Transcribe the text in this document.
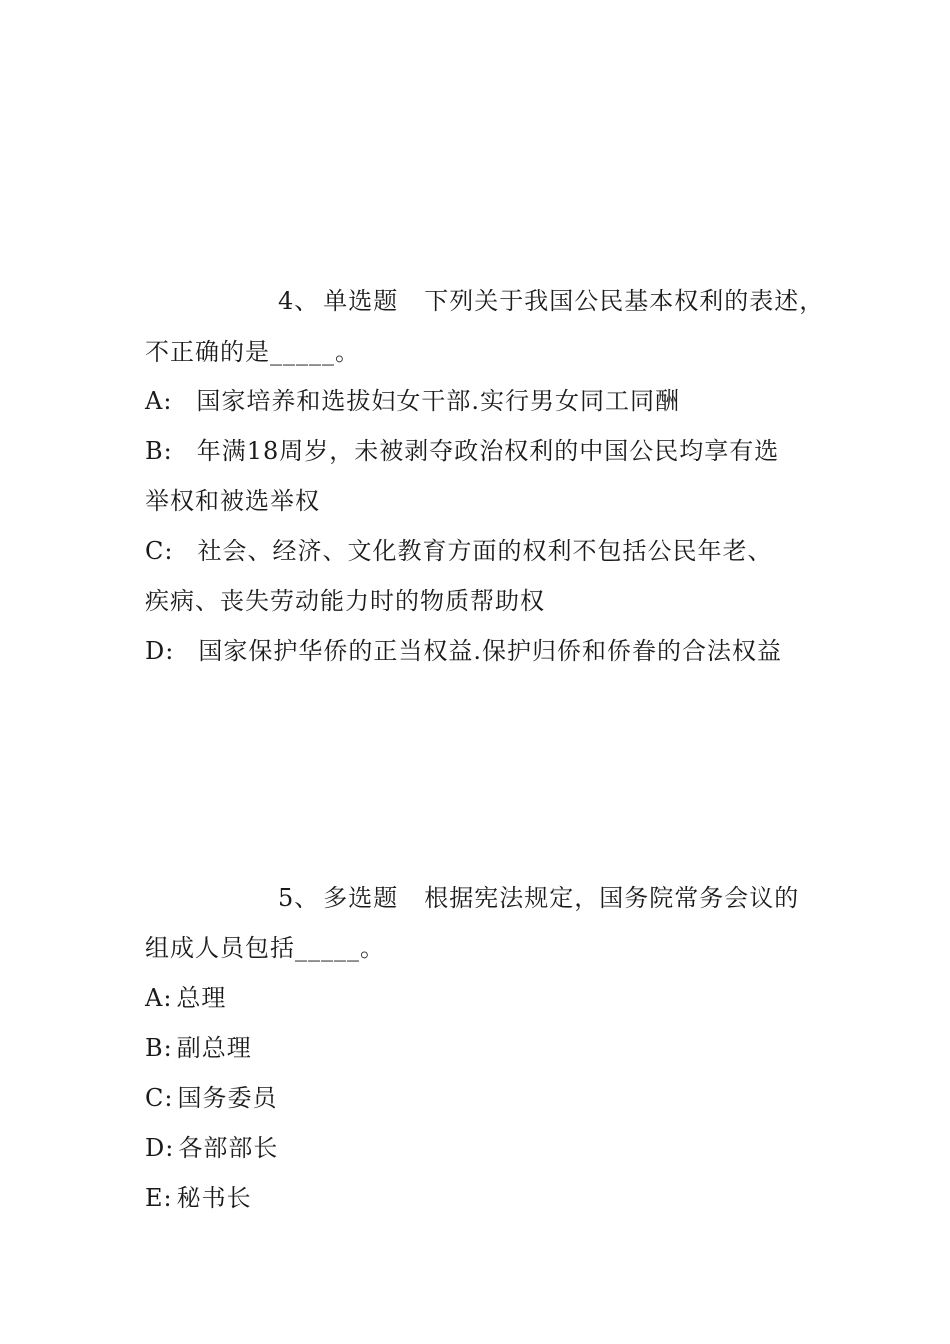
4、 单选题 下列关于我国公民基本权利的表述，
不正确的是_____。
A: 国家培养和选拔妇女干部.实行男女同工同酬
B: 年满18周岁，未被剥夺政治权利的中国公民均享有选
举权和被选举权
C: 社会、经济、文化教育方面的权利不包括公民年老、
疾病、丧失劳动能力时的物质帮助权
D: 国家保护华侨的正当权益.保护归侨和侨眷的合法权益
5、 多选题 根据宪法规定，国务院常务会议的
组成人员包括_____。
A: 总理
B: 副总理
C: 国务委员
D: 各部部长
E: 秘书长
